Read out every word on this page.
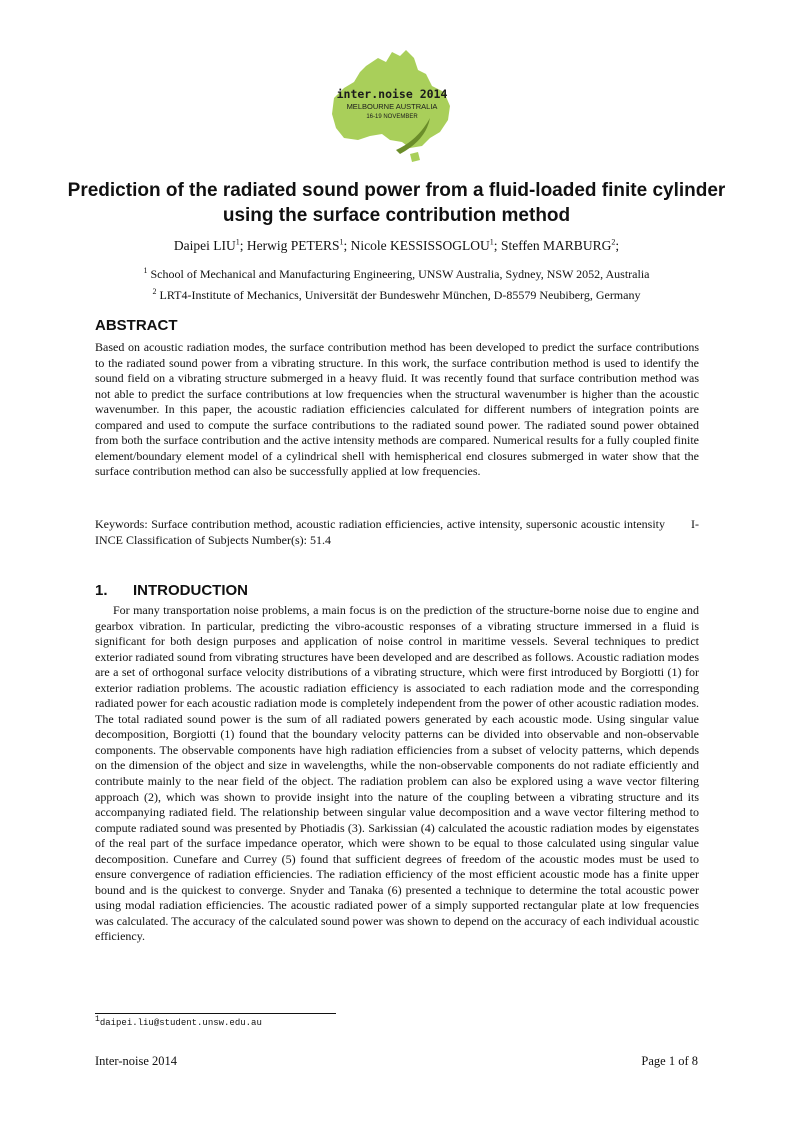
inter.noise 2014
MELBOURNE AUSTRALIA
16-19 NOVEMBER
Prediction of the radiated sound power from a fluid-loaded finite cylinder using the surface contribution method
Daipei LIU$^1$; Herwig PETERS$^1$; Nicole KESSISSOGLOU$^1$; Steffen MARBURG$^2$;
$^1$ School of Mechanical and Manufacturing Engineering, UNSW Australia, Sydney, NSW 2052, Australia
$^2$ LRT4-Institute of Mechanics, Universität der Bundeswehr München, D-85579 Neubiberg, Germany
ABSTRACT

Based on acoustic radiation modes, the surface contribution method has been developed to predict the surface contributions to the radiated sound power from a vibrating structure. In this work, the surface contribution method is used to identify the sound field on a vibrating structure submerged in a heavy fluid. It was recently found that surface contribution method was not able to predict the surface contributions at low frequencies when the structural wavenumber is higher than the acoustic wavenumber. In this paper, the acoustic radiation efficiencies calculated for different numbers of integration points are compared and used to compute the surface contributions to the radiated sound power. The radiated sound power obtained from both the surface contribution and the active intensity methods are compared. Numerical results for a fully coupled finite element/boundary element model of a cylindrical shell with hemispherical end closures submerged in water show that the surface contribution method can also be successfully applied at low frequencies.

Keywords: Surface contribution method, acoustic radiation efficiencies, active intensity, supersonic acoustic intensity I-INCE Classification of Subjects Number(s): 51.4

1. INTRODUCTION

For many transportation noise problems, a main focus is on the prediction of the structure-borne noise due to engine and gearbox vibration. In particular, predicting the vibro-acoustic responses of a vibrating structure immersed in a fluid is significant for both design purposes and application of noise control in maritime vessels. Several techniques to predict exterior radiated sound from vibrating structures have been developed and are described as follows. Acoustic radiation modes are a set of orthogonal surface velocity distributions of a vibrating structure, which were first introduced by Borgiotti (1) for exterior radiation problems. The acoustic radiation efficiency is associated to each radiation mode and the corresponding radiated power for each acoustic radiation mode is completely independent from the power of other acoustic radiation modes. The total radiated sound power is the sum of all radiated powers generated by each acoustic mode. Using singular value decomposition, Borgiotti (1) found that the boundary velocity patterns can be divided into observable and non-observable components. The observable components have high radiation efficiencies from a subset of velocity patterns, which depends on the dimension of the object and size in wavelengths, while the non-observable components do not radiate efficiently and contribute mainly to the near field of the object. The radiation problem can also be explored using a wave vector filtering approach (2), which was shown to provide insight into the nature of the coupling between a vibrating structure and its accompanying radiated field. The relationship between singular value decomposition and a wave vector filtering method to compute radiated sound was presented by Photiadis (3). Sarkissian (4) calculated the acoustic radiation modes by eigenstates of the real part of the surface impedance operator, which were shown to be equal to those calculated using singular value decomposition. Cunefare and Currey (5) found that sufficient degrees of freedom of the acoustic modes must be used to ensure convergence of radiation efficiencies. The radiation efficiency of the most efficient acoustic mode has a finite upper bound and is the quickest to converge. Snyder and Tanaka (6) presented a technique to determine the total acoustic power using modal radiation efficiencies. The acoustic radiated power of a simply supported rectangular plate at low frequencies was calculated. The accuracy of the calculated sound power was shown to depend on the accuracy of each individual acoustic efficiency.

$^1$daipei.liu@student.unsw.edu.au
Inter-noise 2014	Page 1 of 8
